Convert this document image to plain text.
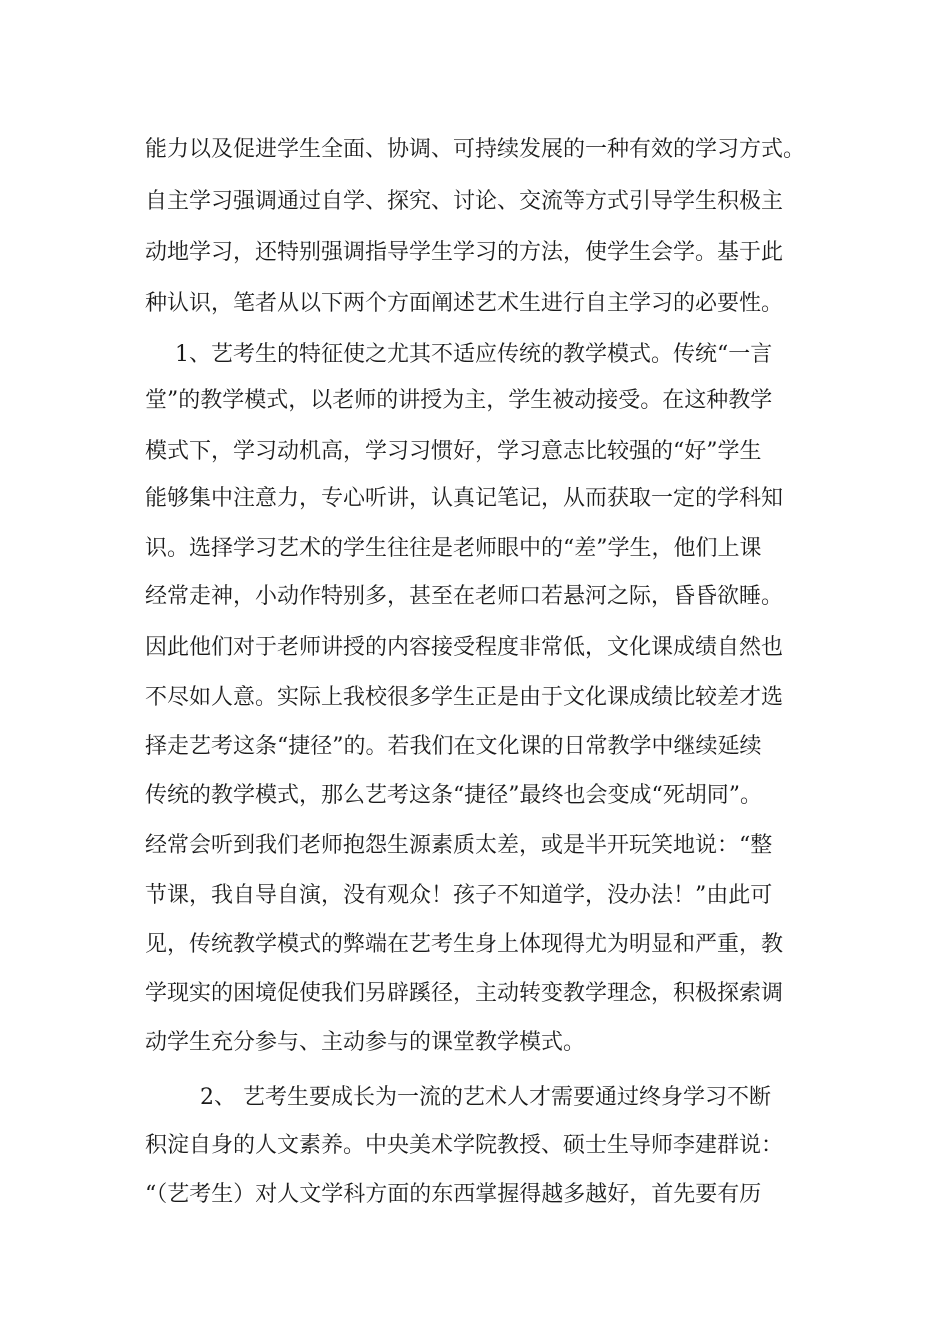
能力以及促进学生全面、协调、可持续发展的一种有效的学习方式。
自主学习强调通过自学、探究、讨论、交流等方式引导学生积极主
动地学习，还特别强调指导学生学习的方法，使学生会学。基于此
种认识，笔者从以下两个方面阐述艺术生进行自主学习的必要性。
1、艺考生的特征使之尤其不适应传统的教学模式。传统“一言
堂”的教学模式，以老师的讲授为主，学生被动接受。在这种教学
模式下，学习动机高，学习习惯好，学习意志比较强的“好”学生
能够集中注意力，专心听讲，认真记笔记，从而获取一定的学科知
识。选择学习艺术的学生往往是老师眼中的“差”学生，他们上课
经常走神，小动作特别多，甚至在老师口若悬河之际，昏昏欲睡。
因此他们对于老师讲授的内容接受程度非常低，文化课成绩自然也
不尽如人意。实际上我校很多学生正是由于文化课成绩比较差才选
择走艺考这条“捷径”的。若我们在文化课的日常教学中继续延续
传统的教学模式，那么艺考这条“捷径”最终也会变成“死胡同”。
经常会听到我们老师抱怨生源素质太差，或是半开玩笑地说：“整
节课，我自导自演，没有观众！孩子不知道学，没办法！”由此可
见，传统教学模式的弊端在艺考生身上体现得尤为明显和严重，教
学现实的困境促使我们另辟蹊径，主动转变教学理念，积极探索调
动学生充分参与、主动参与的课堂教学模式。
2、 艺考生要成长为一流的艺术人才需要通过终身学习不断
积淀自身的人文素养。中央美术学院教授、硕士生导师李建群说：
“（艺考生）对人文学科方面的东西掌握得越多越好，首先要有历
